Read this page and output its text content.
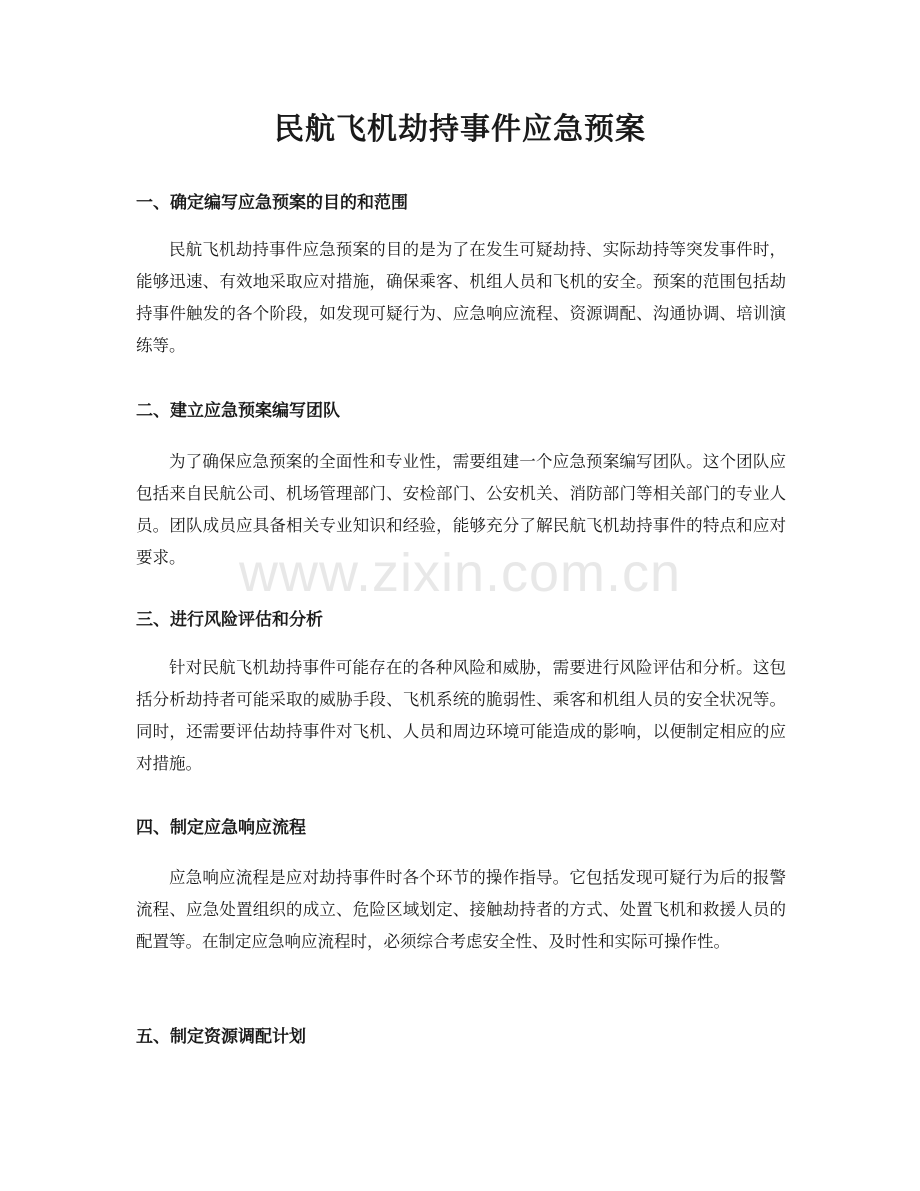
民航飞机劫持事件应急预案
一、确定编写应急预案的目的和范围

民航飞机劫持事件应急预案的目的是为了在发生可疑劫持、实际劫持等突发事件时，能够迅速、有效地采取应对措施，确保乘客、机组人员和飞机的安全。预案的范围包括劫持事件触发的各个阶段，如发现可疑行为、应急响应流程、资源调配、沟通协调、培训演练等。

二、建立应急预案编写团队

为了确保应急预案的全面性和专业性，需要组建一个应急预案编写团队。这个团队应包括来自民航公司、机场管理部门、安检部门、公安机关、消防部门等相关部门的专业人员。团队成员应具备相关专业知识和经验，能够充分了解民航飞机劫持事件的特点和应对要求。

三、进行风险评估和分析

针对民航飞机劫持事件可能存在的各种风险和威胁，需要进行风险评估和分析。这包括分析劫持者可能采取的威胁手段、飞机系统的脆弱性、乘客和机组人员的安全状况等。同时，还需要评估劫持事件对飞机、人员和周边环境可能造成的影响，以便制定相应的应对措施。

四、制定应急响应流程

应急响应流程是应对劫持事件时各个环节的操作指导。它包括发现可疑行为后的报警流程、应急处置组织的成立、危险区域划定、接触劫持者的方式、处置飞机和救援人员的配置等。在制定应急响应流程时，必须综合考虑安全性、及时性和实际可操作性。

五、制定资源调配计划
www.zixin.com.cn
